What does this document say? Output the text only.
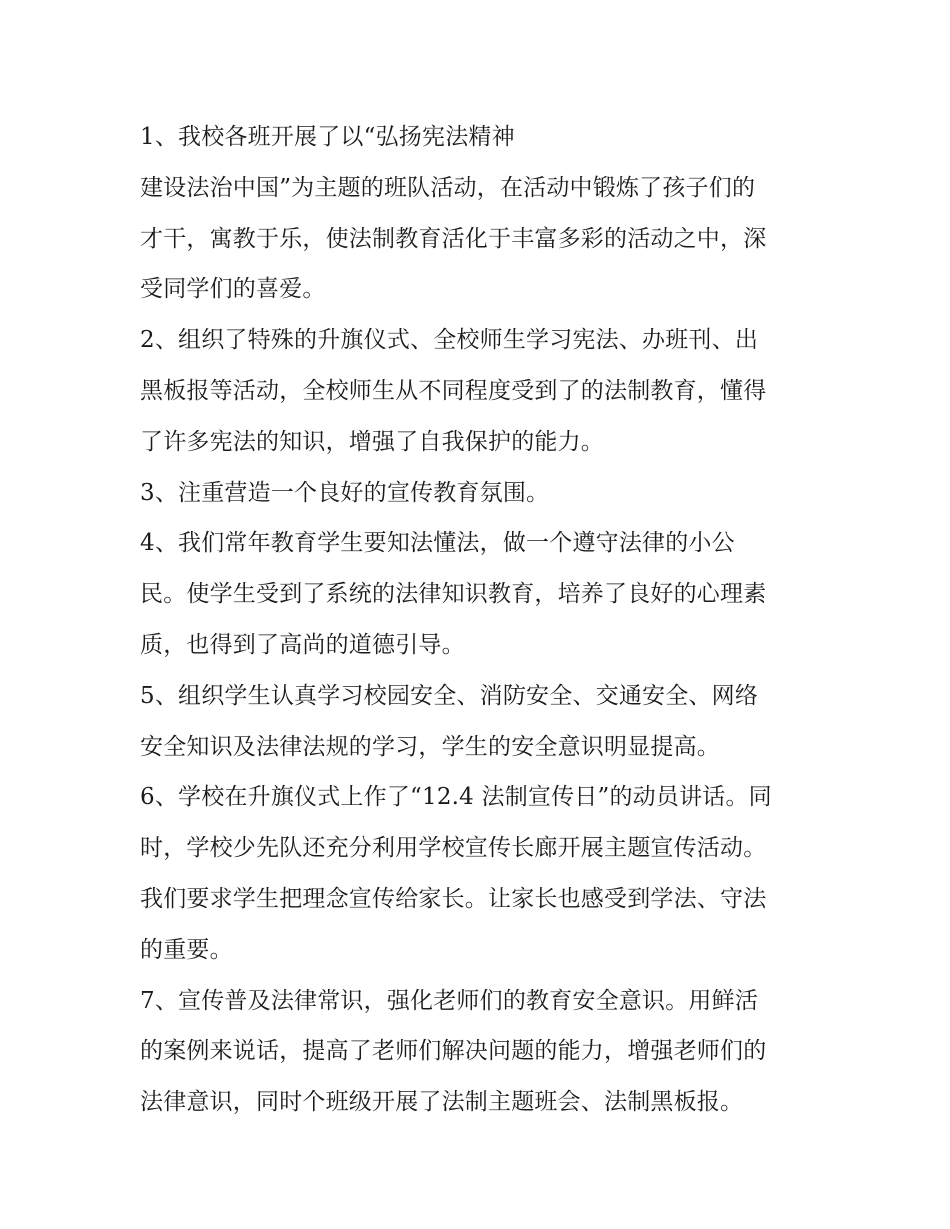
1、我校各班开展了以“弘扬宪法精神
建设法治中国”为主题的班队活动，在活动中锻炼了孩子们的
才干，寓教于乐，使法制教育活化于丰富多彩的活动之中，深
受同学们的喜爱。
2、组织了特殊的升旗仪式、全校师生学习宪法、办班刊、出
黑板报等活动，全校师生从不同程度受到了的法制教育，懂得
了许多宪法的知识，增强了自我保护的能力。
3、注重营造一个良好的宣传教育氛围。
4、我们常年教育学生要知法懂法，做一个遵守法律的小公
民。使学生受到了系统的法律知识教育，培养了良好的心理素
质，也得到了高尚的道德引导。
5、组织学生认真学习校园安全、消防安全、交通安全、网络
安全知识及法律法规的学习，学生的安全意识明显提高。
6、学校在升旗仪式上作了“12.4 法制宣传日”的动员讲话。同
时，学校少先队还充分利用学校宣传长廊开展主题宣传活动。
我们要求学生把理念宣传给家长。让家长也感受到学法、守法
的重要。
7、宣传普及法律常识，强化老师们的教育安全意识。用鲜活
的案例来说话，提高了老师们解决问题的能力，增强老师们的
法律意识，同时个班级开展了法制主题班会、法制黑板报。
